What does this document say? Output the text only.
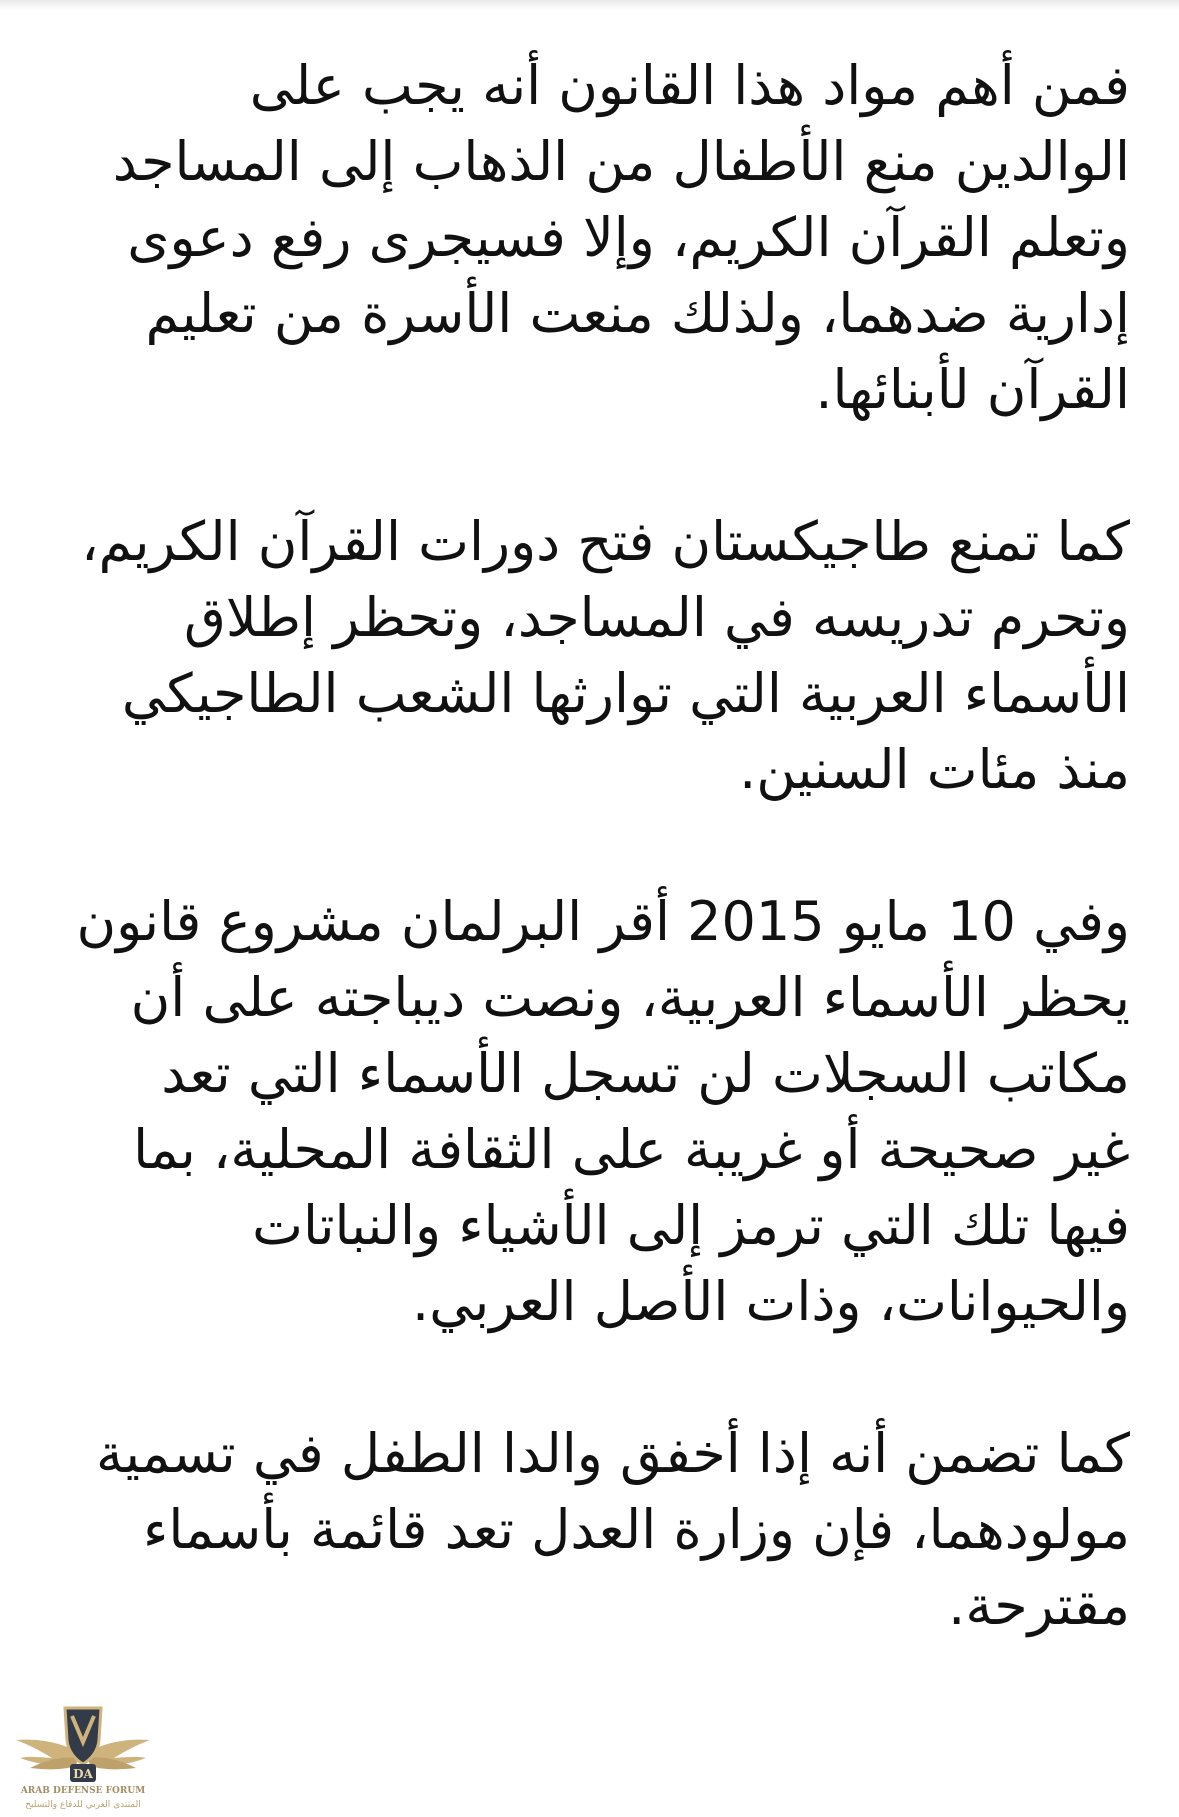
فمن أهم مواد هذا القانون أنه يجب على
الوالدين منع الأطفال من الذهاب إلى المساجد
وتعلم القرآن الكريم، وإلا فسيجرى رفع دعوى
إدارية ضدهما، ولذلك منعت الأسرة من تعليم
القرآن لأبنائها.

كما تمنع طاجيكستان فتح دورات القرآن الكريم،
وتحرم تدريسه في المساجد، وتحظر إطلاق
الأسماء العربية التي توارثها الشعب الطاجيكي
منذ مئات السنين.

وفي 10 مايو 2015 أقر البرلمان مشروع قانون
يحظر الأسماء العربية، ونصت ديباجته على أن
مكاتب السجلات لن تسجل الأسماء التي تعد
غير صحيحة أو غريبة على الثقافة المحلية، بما
فيها تلك التي ترمز إلى الأشياء والنباتات
والحيوانات، وذات الأصل العربي.

كما تضمن أنه إذا أخفق والدا الطفل في تسمية
مولودهما، فإن وزارة العدل تعد قائمة بأسماء
مقترحة.

DA
ARAB DEFENSE FORUM
المنتدى العربي للدفاع والتسليح
